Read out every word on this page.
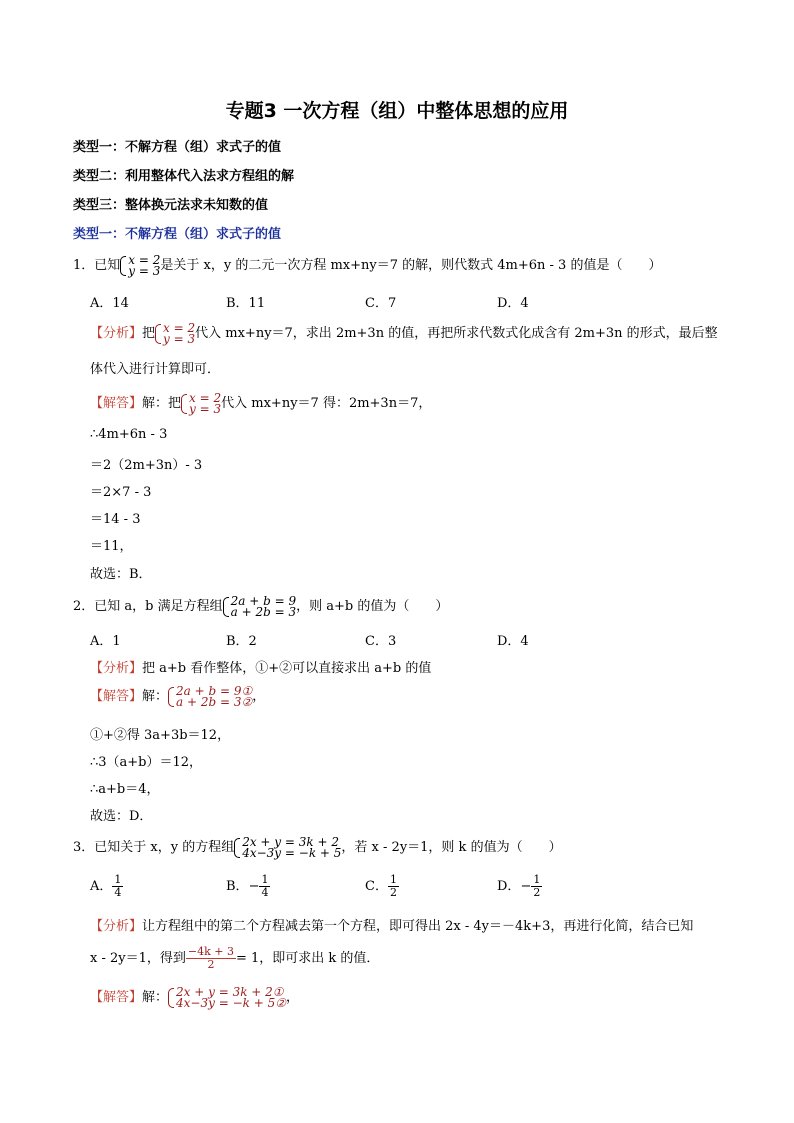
专题3 一次方程（组）中整体思想的应用
类型一：不解方程（组）求式子的值
类型二：利用整体代入法求方程组的解
类型三：整体换元法求未知数的值
类型一：不解方程（组）求式子的值
1．已知 x = 2
y = 3 是关于 x，y 的二元一次方程 mx+ny＝7 的解，则代数式 4m+6n - 3 的值是（　　）
A．14	B．11	C．7	D．4
【分析】把 x = 2
y = 3 代入 mx+ny＝7，求出 2m+3n 的值，再把所求代数式化成含有 2m+3n 的形式，最后整
体代入进行计算即可．
【解答】解：把 x = 2
y = 3 代入 mx+ny＝7 得：2m+3n＝7，
∴4m+6n - 3
＝2（2m+3n）- 3
＝2×7 - 3
＝14 - 3
＝11，
故选：B．
2．已知 a，b 满足方程组 2a + b = 9
a + 2b = 3 ，则 a+b 的值为（　　）
A．1	B．2	C．3	D．4
【分析】把 a+b 看作整体，①+②可以直接求出 a+b 的值
【解答】解： 2a + b = 9①
a + 2b = 3② ，
①+②得 3a+3b＝12，
∴3（a+b）＝12，
∴a+b＝4，
故选：D．
3．已知关于 x，y 的方程组 2x + y = 3k + 2
4x−3y = −k + 5 ，若 x - 2y＝1，则 k 的值为（　　）
A． $\frac{1}{4}$	B．− $\frac{1}{4}$	C． $\frac{1}{2}$	D．− $\frac{1}{2}$
【分析】让方程组中的第二个方程减去第一个方程，即可得出 2x - 4y＝－4k+3，再进行化简，结合已知
x - 2y＝1，得到 $\frac{-4k + 3}{2} = 1$，即可求出 k 的值．
【解答】解： 2x + y = 3k + 2①
4x−3y = −k + 5② ，
